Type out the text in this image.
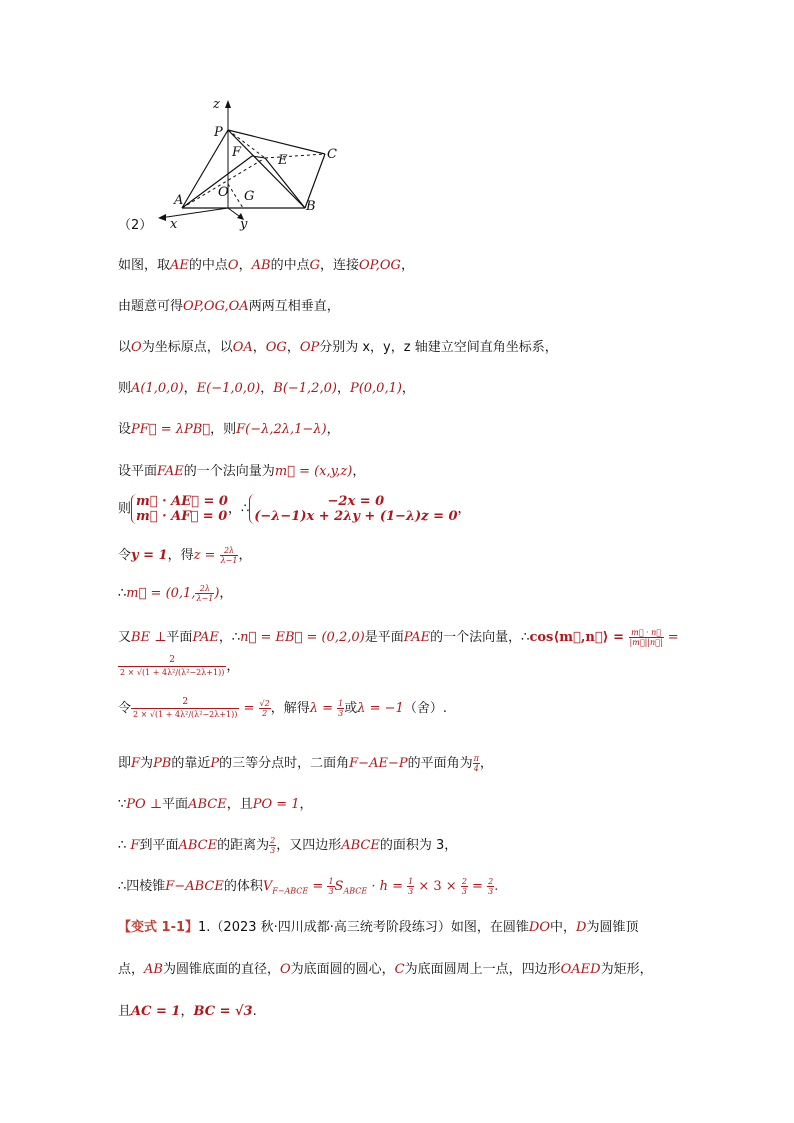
z
P
C
F
E
O G
A	B
x	y
（2）
如图，取AE的中点O，AB的中点G，连接OP,OG，
由题意可得OP,OG,OA两两互相垂直，
以O为坐标原点，以OA，OG，OP分别为 x，y，z 轴建立空间直角坐标系，
则A(1,0,0)，E(−1,0,0)，B(−1,2,0)，P(0,0,1)，
设PF⃗ = λPB⃗，则F(−λ,2λ,1−λ)，
设平面FAE的一个法向量为m⃗ = (x,y,z)，
则 m⃗ · AE⃗ = 0
m⃗ · AF⃗ = 0，∴	−2x = 0
(−λ−1)x + 2λy + (1−λ)z = 0，
令y = 1，得$z = \frac{2\lambda}{\lambda-1}$ ，
∴m⃗ = (0,1, $\frac{2\lambda}{\lambda-1}$ )，
又BE ⊥平面PAE，∴n⃗ = EB⃗ = (0,2,0)是平面PAE的一个法向量，∴cos⟨m⃗,n⃗⟩ = $\frac{m⃗ \cdot n⃗}{|m⃗||n⃗|}$ =
$\frac{2}{\text{2 × √(1 + 4λ²/(λ²−2λ+1))}}$ ，
令 $\frac{2}{\text{2 × √(1 + 4λ²/(λ²−2λ+1))}} = \frac{√2}{2}$ ，解得$\lambda = \frac{1}{3}$ 或λ = −1（舍）.
即F为PB的靠近P的三等分点时，二面角F−AE−P的平面角为 $\frac{\pi}{4}$ ，
∵PO ⊥平面ABCE，且PO = 1，
∴ F到平面ABCE的距离为 $\frac{2}{3}$ ，又四边形ABCE的面积为 3，
∴四棱锥F−ABCE的体积$V_{F-ABCE} = \frac{1}{3} S_{ABCE} \cdot h = \frac{1}{3} \times 3 \times \frac{2}{3} = \frac{2}{3}$ .
【变式 1-1】1.（2023 秋·四川成都·高三统考阶段练习）如图，在圆锥DO中，D为圆锥顶
点，AB为圆锥底面的直径，O为底面圆的圆心，C为底面圆周上一点，四边形OAED为矩形，
且AC = 1，BC = √3.
